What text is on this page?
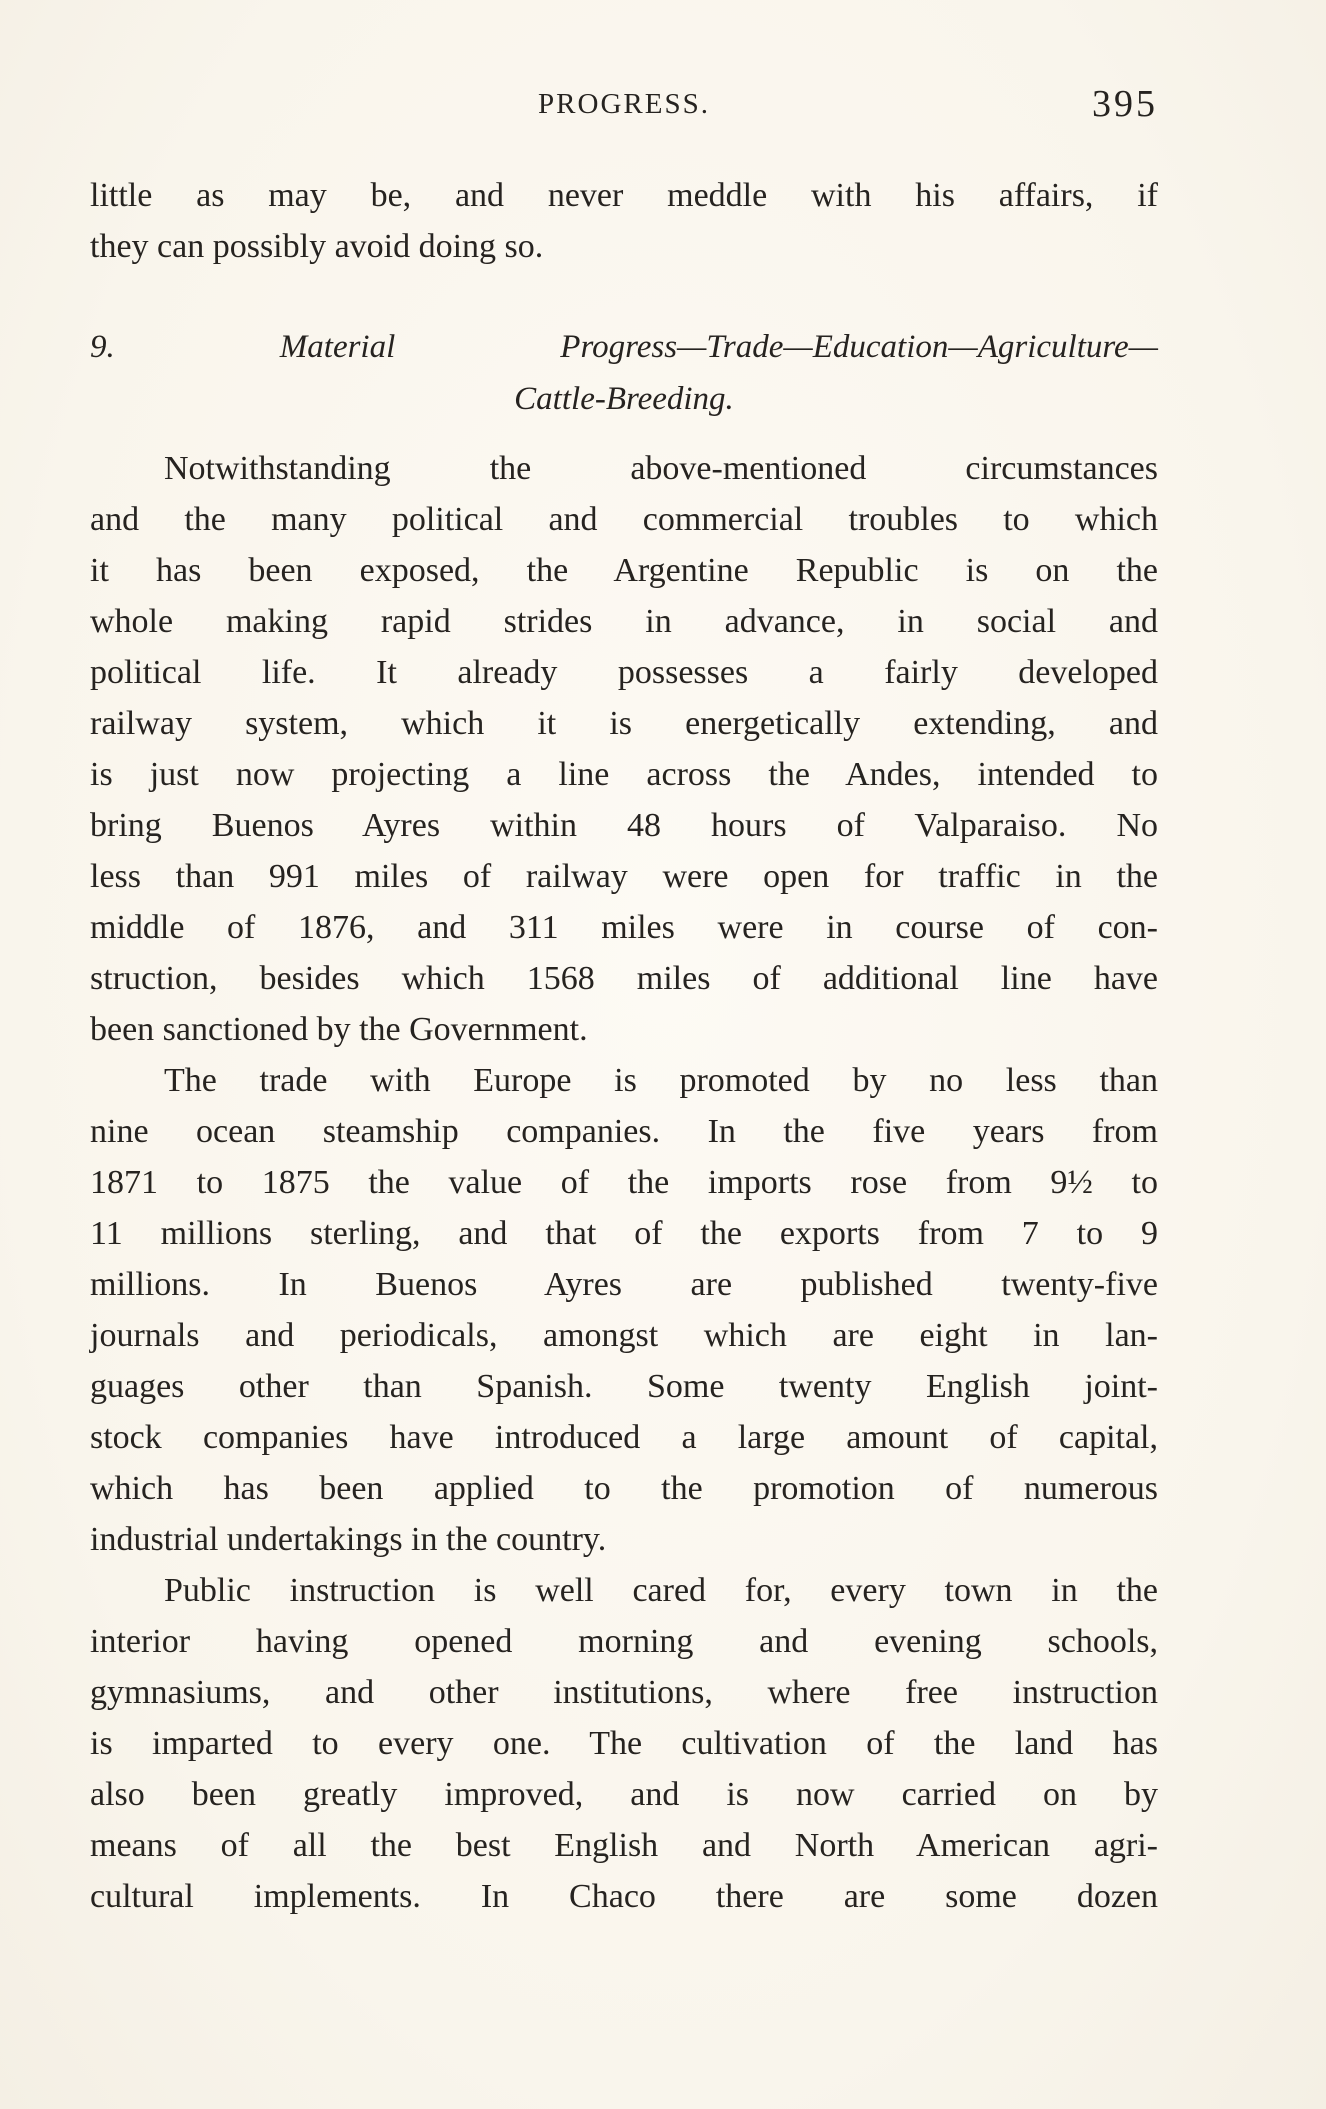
PROGRESS.	395
little as may be, and never meddle with his affairs, if
they can possibly avoid doing so.
9. Material Progress—Trade—Education—Agriculture—
Cattle-Breeding.
Notwithstanding the above-mentioned circumstances
and the many political and commercial troubles to which
it has been exposed, the Argentine Republic is on the
whole making rapid strides in advance, in social and
political life. It already possesses a fairly developed
railway system, which it is energetically extending, and
is just now projecting a line across the Andes, intended to
bring Buenos Ayres within 48 hours of Valparaiso. No
less than 991 miles of railway were open for traffic in the
middle of 1876, and 311 miles were in course of con-
struction, besides which 1568 miles of additional line have
been sanctioned by the Government.
The trade with Europe is promoted by no less than
nine ocean steamship companies. In the five years from
1871 to 1875 the value of the imports rose from 9½ to
11 millions sterling, and that of the exports from 7 to 9
millions. In Buenos Ayres are published twenty-five
journals and periodicals, amongst which are eight in lan-
guages other than Spanish. Some twenty English joint-
stock companies have introduced a large amount of capital,
which has been applied to the promotion of numerous
industrial undertakings in the country.
Public instruction is well cared for, every town in the
interior having opened morning and evening schools,
gymnasiums, and other institutions, where free instruction
is imparted to every one. The cultivation of the land has
also been greatly improved, and is now carried on by
means of all the best English and North American agri-
cultural implements. In Chaco there are some dozen
